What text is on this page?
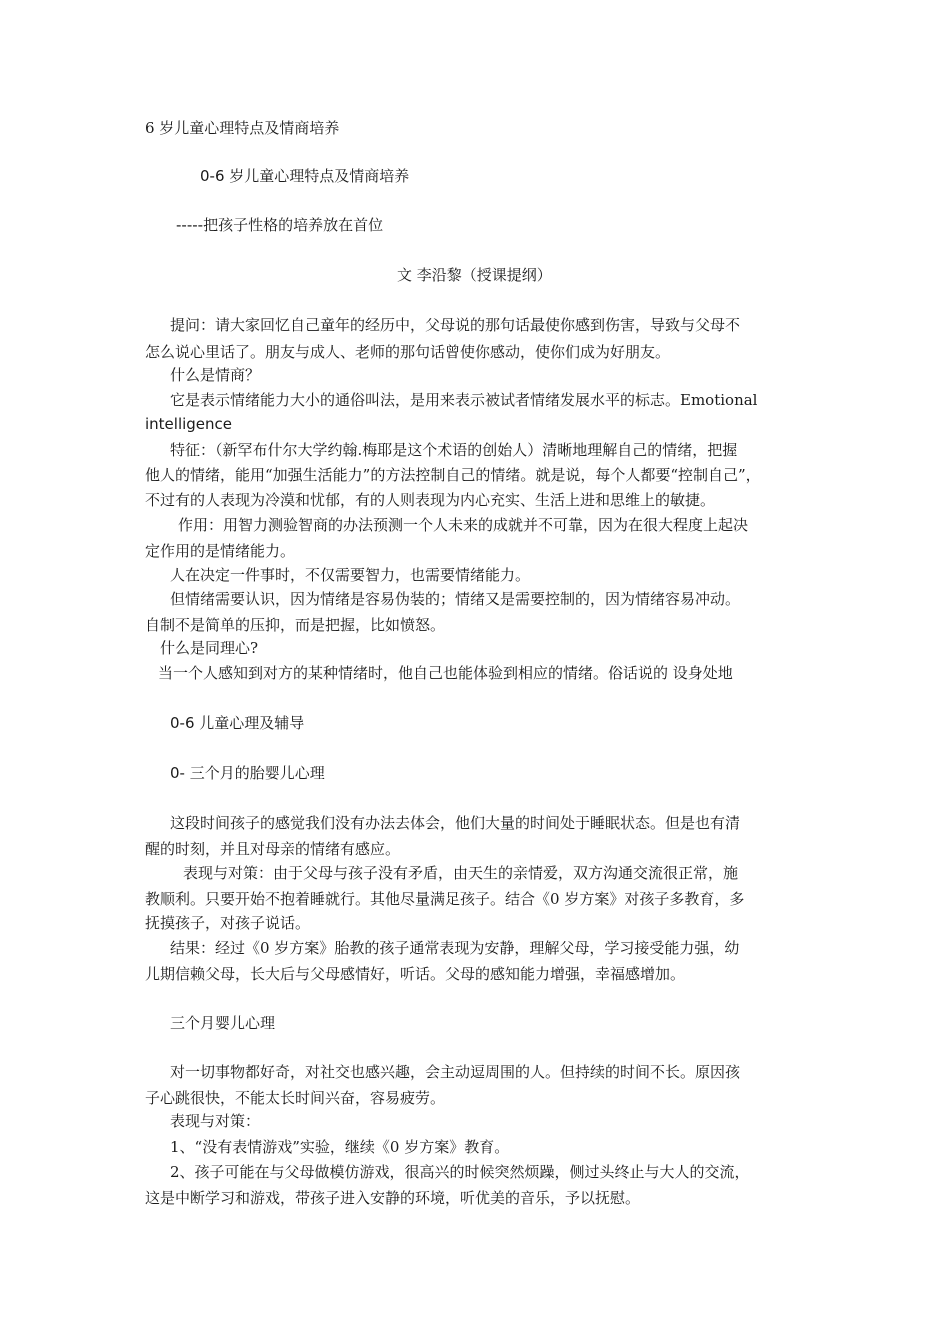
6 岁儿童心理特点及情商培养
0-6 岁儿童心理特点及情商培养
-----把孩子性格的培养放在首位
文 李沿黎（授课提纲）
提问：请大家回忆自己童年的经历中，父母说的那句话最使你感到伤害，导致与父母不
怎么说心里话了。朋友与成人、老师的那句话曾使你感动，使你们成为好朋友。
什么是情商？
它是表示情绪能力大小的通俗叫法，是用来表示被试者情绪发展水平的标志。Emotional
intelligence
特征：（新罕布什尔大学约翰.梅耶是这个术语的创始人）清晰地理解自己的情绪，把握
他人的情绪，能用“加强生活能力”的方法控制自己的情绪。就是说，每个人都要“控制自己”，
不过有的人表现为冷漠和忧郁，有的人则表现为内心充实、生活上进和思维上的敏捷。
作用：用智力测验智商的办法预测一个人未来的成就并不可靠，因为在很大程度上起决
定作用的是情绪能力。
人在决定一件事时，不仅需要智力，也需要情绪能力。
但情绪需要认识，因为情绪是容易伪装的；情绪又是需要控制的，因为情绪容易冲动。
自制不是简单的压抑，而是把握，比如愤怒。
什么是同理心?
当一个人感知到对方的某种情绪时，他自己也能体验到相应的情绪。俗话说的 设身处地
0-6 儿童心理及辅导
0- 三个月的胎婴儿心理
这段时间孩子的感觉我们没有办法去体会，他们大量的时间处于睡眠状态。但是也有清
醒的时刻，并且对母亲的情绪有感应。
表现与对策：由于父母与孩子没有矛盾，由天生的亲情爱，双方沟通交流很正常，施
教顺利。只要开始不抱着睡就行。其他尽量满足孩子。结合《0 岁方案》对孩子多教育，多
抚摸孩子，对孩子说话。
结果：经过《0 岁方案》胎教的孩子通常表现为安静，理解父母，学习接受能力强，幼
儿期信赖父母，长大后与父母感情好，听话。父母的感知能力增强，幸福感增加。
三个月婴儿心理
对一切事物都好奇，对社交也感兴趣，会主动逗周围的人。但持续的时间不长。原因孩
子心跳很快，不能太长时间兴奋，容易疲劳。
表现与对策：
1、“没有表情游戏”实验，继续《0 岁方案》教育。
2、孩子可能在与父母做模仿游戏，很高兴的时候突然烦躁，侧过头终止与大人的交流，
这是中断学习和游戏，带孩子进入安静的环境，听优美的音乐，予以抚慰。
